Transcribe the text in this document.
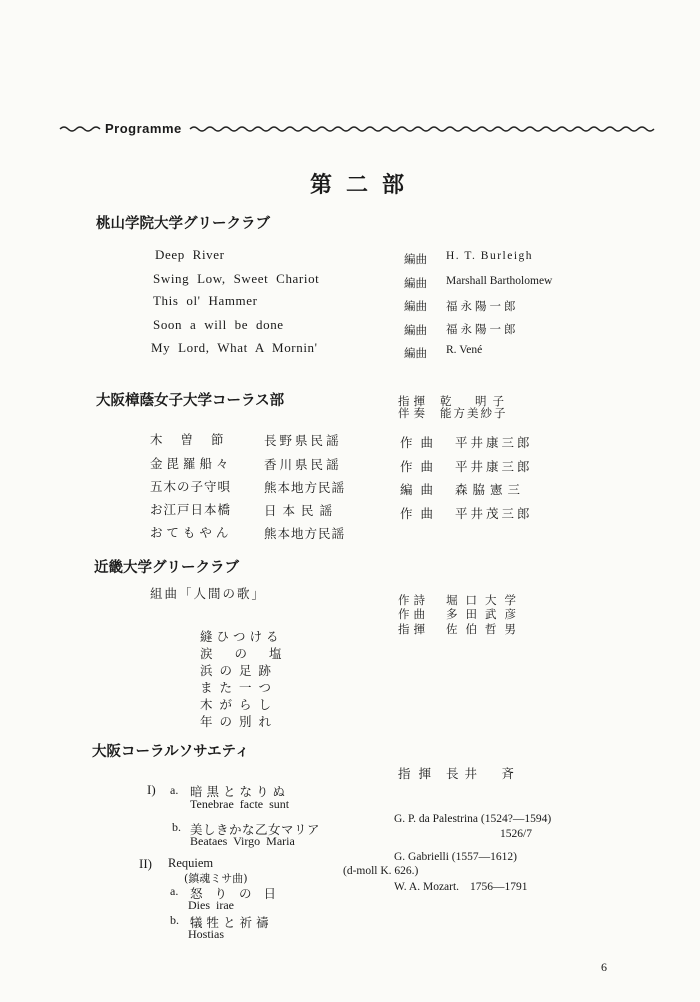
Programme
第二部
桃山学院大学グリークラブ
Deep River	編曲 H. T. Burleigh
Swing Low, Sweet Chariot	編曲 Marshall Bartholomew
This ol' Hammer	編曲 福永陽一郎
Soon a will be done	編曲 福永陽一郎
My Lord, What A Mornin'	編曲 R. Vené
大阪樟蔭女子大学コーラス部	指揮 乾　明子
伴奏 能方美紗子
木曽節 長野県民謡	作曲 平井康三郎
金毘羅船々	香川県民謡	作曲 平井康三郎
五木の子守唄	熊本地方民謡	編曲 森脇憲三
お江戸日本橋	日本民謡	作曲 平井茂三郎
おてもやん	熊本地方民謡
近畿大学グリークラブ
組曲「人間の歌」	作詩 堀口大学
作曲 多田武彦
指揮 佐伯哲男
縫ひつける
涙の塩
浜の足跡
また一つ
木がらし
年の別れ
大阪コーラルソサエティ
指揮 長井　斉
I) a. 暗黒となりぬ
Tenebrae facte sunt
b. 美しきかな乙女マリア
Beataes Virgo Maria
G. P. da Palestrina (1524?—1594)
1526/7
G. Gabrielli (1557—1612)
II) Requiem
(d-moll K. 626.)
(鎮魂ミサ曲)
W. A. Mozart. 1756—1791
a. 怒りの日
Dies irae
b. 犠牲と祈禱
Hostias
6
